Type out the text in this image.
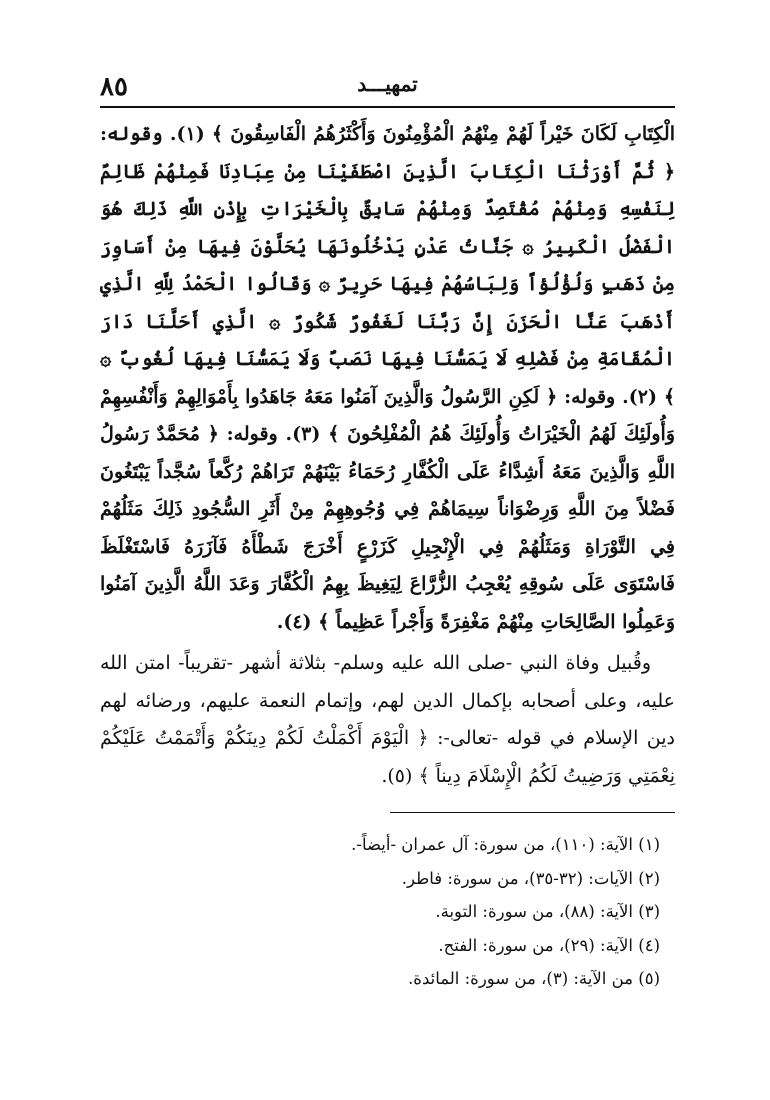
٨٥	تمهيـــد

الْكِتَابِ لَكَانَ خَيْراً لَهُمْ مِنْهُمُ الْمُؤْمِنُونَ وَأَكْثَرُهُمُ الْفَاسِقُونَ ﴾ (١). وقوله: ﴿ ثُمَّ أَوْرَثْنَا الْكِتَابَ الَّذِينَ اصْطَفَيْنَا مِنْ عِبَادِنَا فَمِنْهُمْ ظَالِمٌ لِنَفْسِهِ وَمِنْهُمْ مُقْتَصِدٌ وَمِنْهُمْ سَابِقٌ بِالْخَيْرَاتِ بِإِذْنِ اللَّهِ ذَلِكَ هُوَ الْفَضْلُ الْكَبِيرُ ۞ جَنَّاتُ عَدْنٍ يَدْخُلُونَهَا يُحَلَّوْنَ فِيهَا مِنْ أَسَاوِرَ مِنْ ذَهَبٍ وَلُؤْلُؤاً وَلِبَاسُهُمْ فِيهَا حَرِيرٌ ۞ وَقَالُوا الْحَمْدُ لِلَّهِ الَّذِي أَذْهَبَ عَنَّا الْحَزَنَ إِنَّ رَبَّنَا لَغَفُورٌ شَكُورٌ ۞ الَّذِي أَحَلَّنَا دَارَ الْمُقَامَةِ مِنْ فَضْلِهِ لَا يَمَسُّنَا فِيهَا نَصَبٌ وَلَا يَمَسُّنَا فِيهَا لُغُوبٌ ۞ ﴾ (٢). وقوله: ﴿ لَكِنِ الرَّسُولُ وَالَّذِينَ آمَنُوا مَعَهُ جَاهَدُوا بِأَمْوَالِهِمْ وَأَنْفُسِهِمْ وَأُولَئِكَ لَهُمُ الْخَيْرَاتُ وَأُولَئِكَ هُمُ الْمُفْلِحُونَ ﴾ (٣). وقوله: ﴿ مُحَمَّدٌ رَسُولُ اللَّهِ وَالَّذِينَ مَعَهُ أَشِدَّاءُ عَلَى الْكُفَّارِ رُحَمَاءُ بَيْنَهُمْ تَرَاهُمْ رُكَّعاً سُجَّداً يَبْتَغُونَ فَضْلاً مِنَ اللَّهِ وَرِضْوَاناً سِيمَاهُمْ فِي وُجُوهِهِمْ مِنْ أَثَرِ السُّجُودِ ذَلِكَ مَثَلُهُمْ فِي التَّوْرَاةِ وَمَثَلُهُمْ فِي الْإِنْجِيلِ كَزَرْعٍ أَخْرَجَ شَطْأَهُ فَآزَرَهُ فَاسْتَغْلَظَ فَاسْتَوَى عَلَى سُوقِهِ يُعْجِبُ الزُّرَّاعَ لِيَغِيظَ بِهِمُ الْكُفَّارَ وَعَدَ اللَّهُ الَّذِينَ آمَنُوا وَعَمِلُوا الصَّالِحَاتِ مِنْهُمْ مَغْفِرَةً وَأَجْراً عَظِيماً ﴾ (٤).

وقُبيل وفاة النبي -صلى الله عليه وسلم- بثلاثة أشهر -تقريباً- امتن الله عليه، وعلى أصحابه بإكمال الدين لهم، وإتمام النعمة عليهم، ورضائه لهم دين الإسلام في قوله -تعالى-: ﴿ الْيَوْمَ أَكْمَلْتُ لَكُمْ دِينَكُمْ وَأَتْمَمْتُ عَلَيْكُمْ نِعْمَتِي وَرَضِيتُ لَكُمُ الْإِسْلَامَ دِيناً ﴾ (٥).

(١) الآية: (١١٠)، من سورة: آل عمران -أيضاً-.

(٢) الآيات: (٣٢-٣٥)، من سورة: فاطر.

(٣) الآية: (٨٨)، من سورة: التوبة.

(٤) الآية: (٢٩)، من سورة: الفتح.

(٥) من الآية: (٣)، من سورة: المائدة.
